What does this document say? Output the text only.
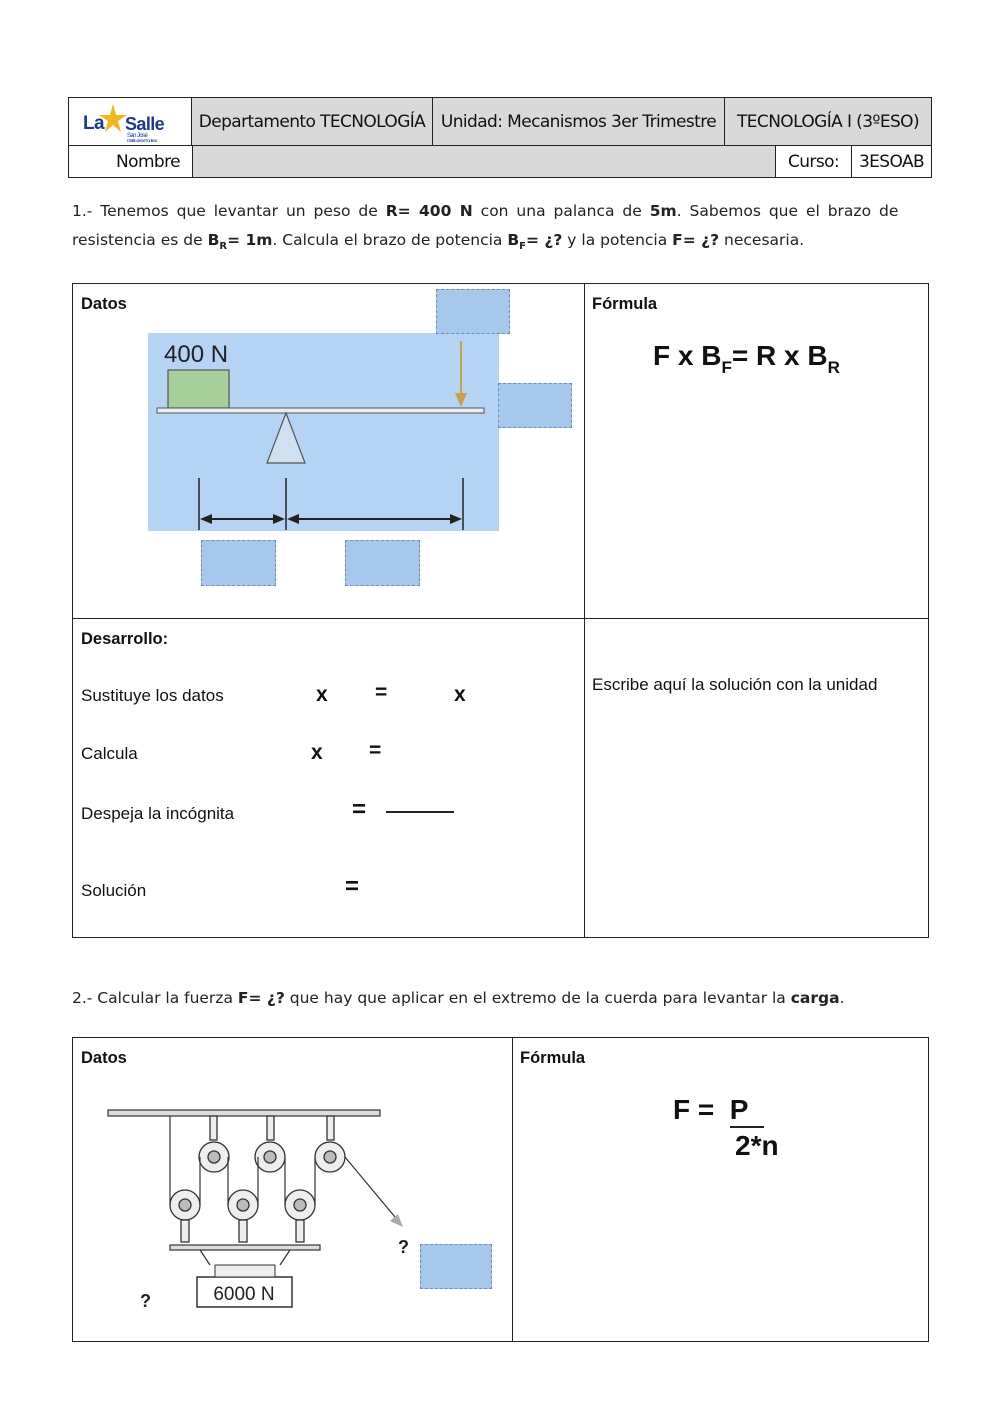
La Salle
San José
Distrito de la Frontera
Departamento TECNOLOGÍA Unidad: Mecanismos 3er Trimestre	TECNOLOGÍA I (3ºESO)
Nombre	Curso:	3ESOAB
1.- Tenemos que levantar un peso de R= 400 N con una palanca de 5m. Sabemos que el brazo de
resistencia es de $B_R= 1m$. Calcula el brazo de potencia $B_F=$ ¿? y la potencia F= ¿? necesaria.
Datos	Fórmula
400 N	F x $B_F= R$ x $B_R$
Desarrollo:
Sustituye los datos	x =	x
Calcula	x =
Despeja la incógnita	=
Solución	=
Escribe aquí la solución con la unidad
2.- Calcular la fuerza F= ¿? que hay que aplicar en el extremo de la cuerda para levantar la carga.
Datos	Fórmula
?
6000 N
?
F =  P
2*n
